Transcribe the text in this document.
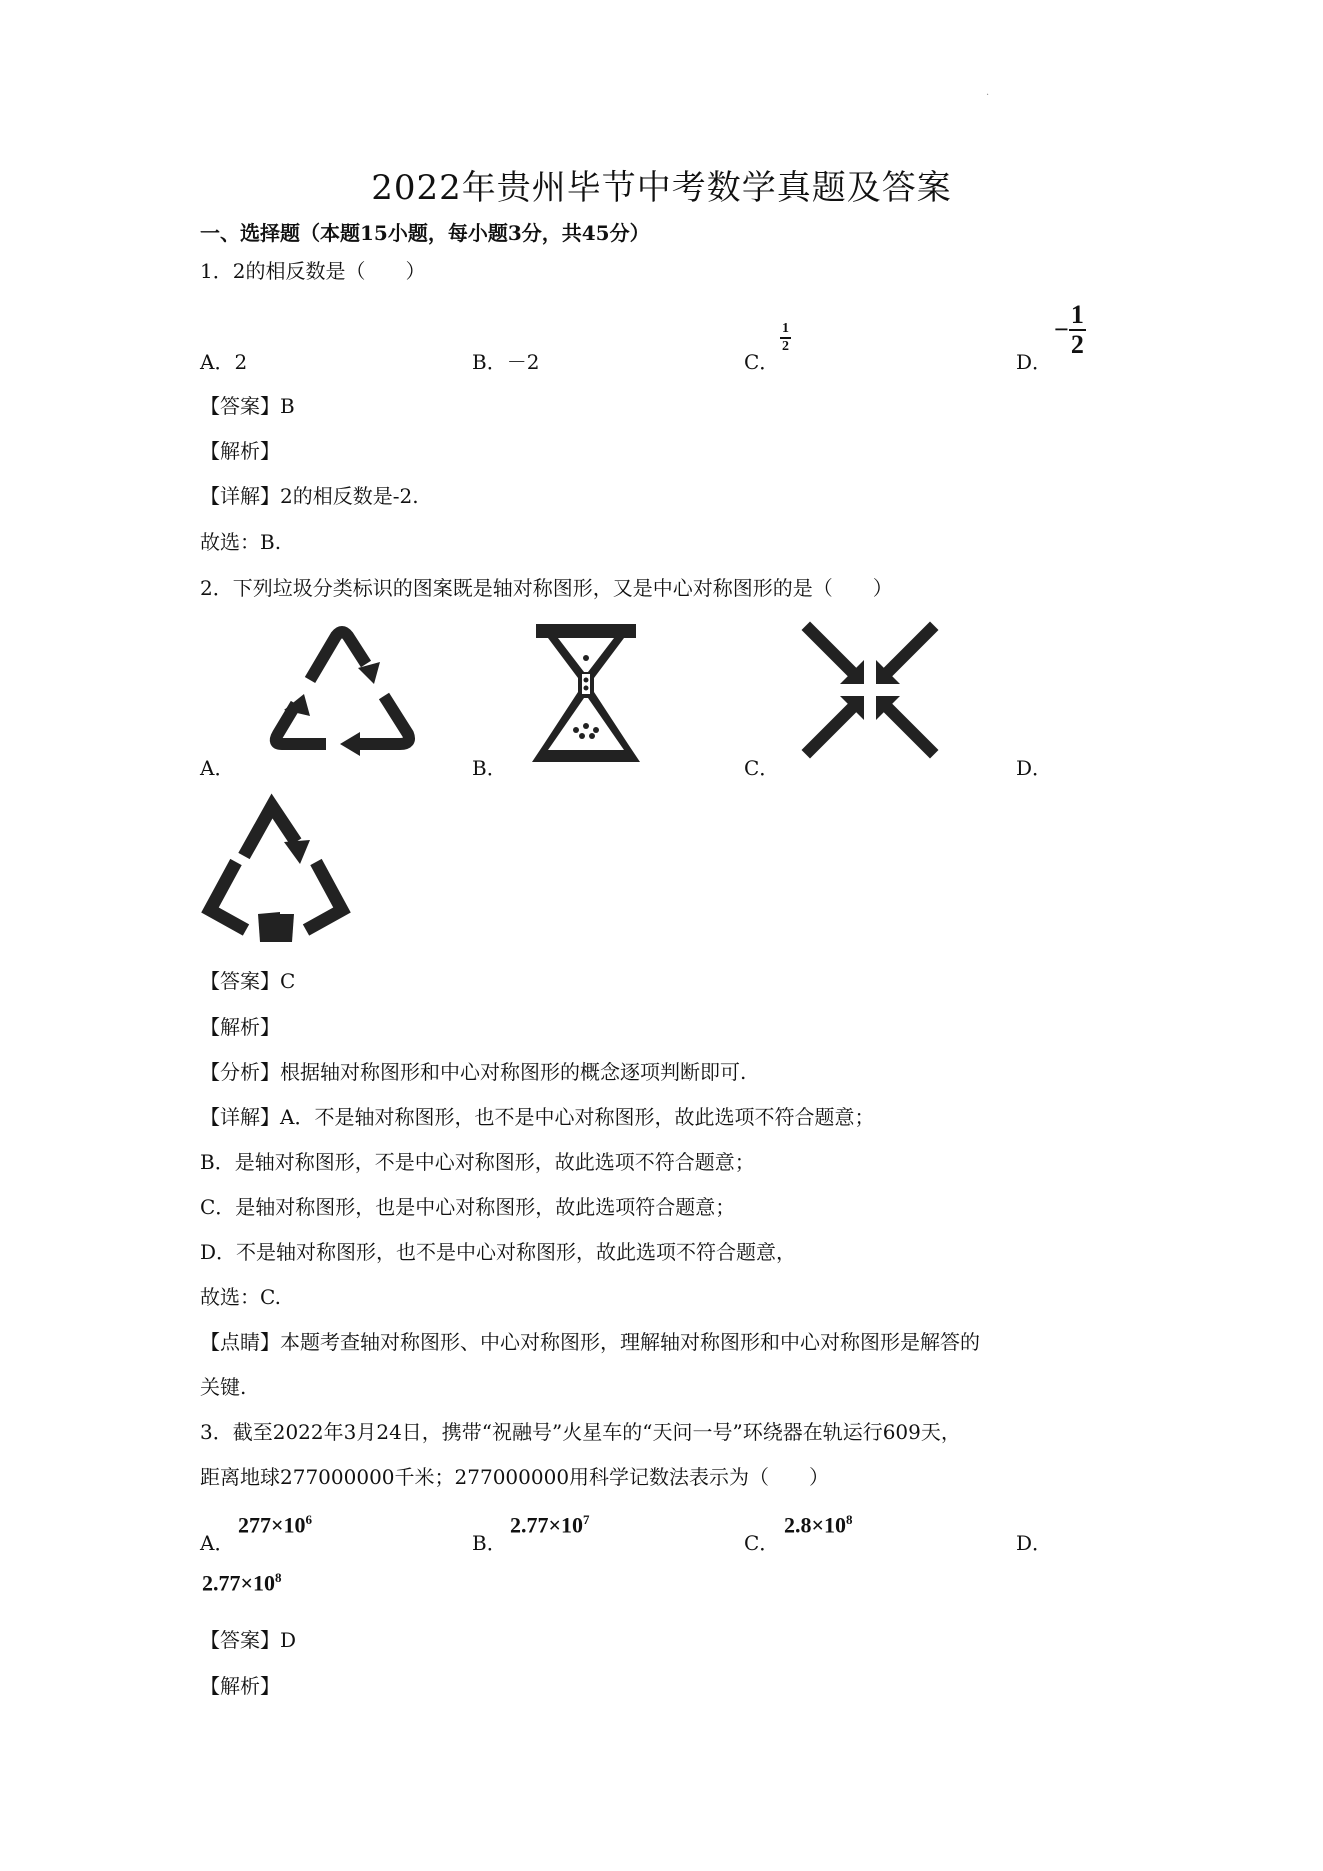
·
2022年贵州毕节中考数学真题及答案
一、选择题（本题15小题，每小题3分，共45分）
1．2的相反数是（　　）
A．2	B．－2	C．
$\frac{1}{2}$
D．
− $\frac{1}{2}$
【答案】B
【解析】
【详解】2的相反数是-2.
故选：B.
2．下列垃圾分类标识的图案既是轴对称图形，又是中心对称图形的是（　　）
A．	B．	C．	D．
【答案】C
【解析】
【分析】根据轴对称图形和中心对称图形的概念逐项判断即可.
【详解】A．不是轴对称图形，也不是中心对称图形，故此选项不符合题意；
B．是轴对称图形，不是中心对称图形，故此选项不符合题意；
C．是轴对称图形，也是中心对称图形，故此选项符合题意；
D．不是轴对称图形，也不是中心对称图形，故此选项不符合题意，
故选：C.
【点睛】本题考查轴对称图形、中心对称图形，理解轴对称图形和中心对称图形是解答的
关键.
3．截至2022年3月24日，携带“祝融号”火星车的“天问一号”环绕器在轨运行609天，
距离地球277000000千米；277000000用科学记数法表示为（　　）
A．
$277\times 10^6$
B．
$2.77\times 10^7$
C．
$2.8\times 10^8$
D．
$2.77\times 10^8$
【答案】D
【解析】
